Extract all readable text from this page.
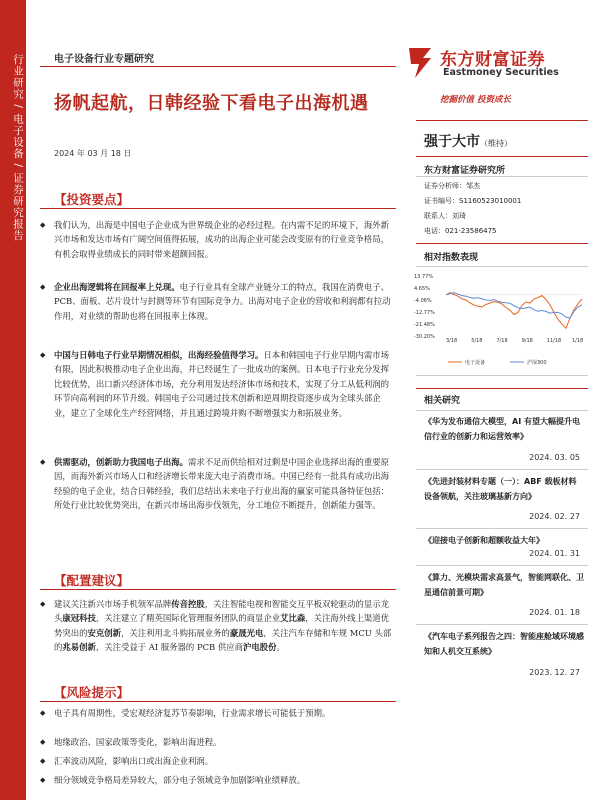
行业研究 / 电子设备 / 证券研究报告	电子设备行业专题研究
扬帆起航，日韩经验下看电子出海机遇
2024 年 03 月 18 日
【投资要点】
◆ 我们认为，出海是中国电子企业成为世界级企业的必经过程。在内需不足的环境下，海外新兴市场和发达市场有广阔空间值得拓展，成功的出海企业可能会改变原有的行业竞争格局，有机会取得业绩成长的同时带来超额回报。
◆ 企业出海逻辑将在回报率上兑现。电子行业具有全球产业链分工的特点，我国在消费电子、PCB、面板、芯片设计与封测等环节有国际竞争力。出海对电子企业的营收和利润都有拉动作用，对业绩的帮助也将在回报率上体现。
◆ 中国与日韩电子行业早期情况相似，出海经验值得学习。日本和韩国电子行业早期内需市场有限，因此积极推动电子企业出海，并已经诞生了一批成功的案例。日本电子行业充分发挥比较优势，出口新兴经济体市场，充分利用发达经济体市场和技术，实现了分工从低利润的环节向高利润的环节升级。韩国电子公司通过技术创新和逆周期投资逐步成为全球头部企业，建立了全球化生产经营网络，并且通过跨境并购不断增强实力和拓展业务。
◆ 供需驱动，创新助力我国电子出海。需求不足而供给相对过剩是中国企业选择出海的重要原因，而海外新兴市场人口和经济增长带来庞大电子消费市场。中国已经有一批具有成功出海经验的电子企业，结合日韩经验，我们总结出未来电子行业出海的赢家可能具备特征包括：所处行业比较优势突出，在新兴市场出海步伐领先，分工地位不断提升，创新能力强等。
【配置建议】
◆ 建议关注新兴市场手机领军品牌传音控股，关注智能电视和智能交互平板双轮驱动的显示龙头康冠科技，关注建立了精英国际化管理服务团队的商显企业艾比森，关注海外线上渠道优势突出的安克创新，关注利用北斗购拓展业务的豪晟光电，关注汽车存储和车规 MCU 头部的兆易创新，关注受益于 AI 服务器的 PCB 供应商沪电股份。
【风险提示】
◆ 电子具有周期性，受宏观经济复苏节奏影响，行业需求增长可能低于预期。
◆ 地缘政治、国家政策等变化，影响出海进程。
◆ 汇率波动风险，影响出口或出海企业利润。
◆ 细分领域竞争格局差异较大，部分电子领域竞争加剧影响业绩释放。
东方财富证券
Eastmoney Securities
挖掘价值 投资成长
强于大市（维持）
东方财富证券研究所
证券分析师：邹杰
证书编号：S1160523010001
联系人：刘琦
电话：021-23586475
相对指数表现
13.77%
4.65%
-4.06%
-12.77%
-21.48%
-30.20%
3/18	5/18	7/18	9/18	11/18 1/18
电子设备	沪深300
相关研究
《华为发布通信大模型，AI 有望大幅提升电信行业的创新力和运营效率》
2024. 03. 05
《先进封装材料专题（一）：ABF 载板材料设备领航，关注玻璃基新方向》
2024. 02. 27
《迎接电子创新和超额收益大年》
2024. 01. 31
《算力、光模块需求高景气，智能网联化、卫星通信前景可期》
2024. 01. 18
《汽车电子系列报告之四：智能座舱域环境感知和人机交互系统》
2023. 12. 27
